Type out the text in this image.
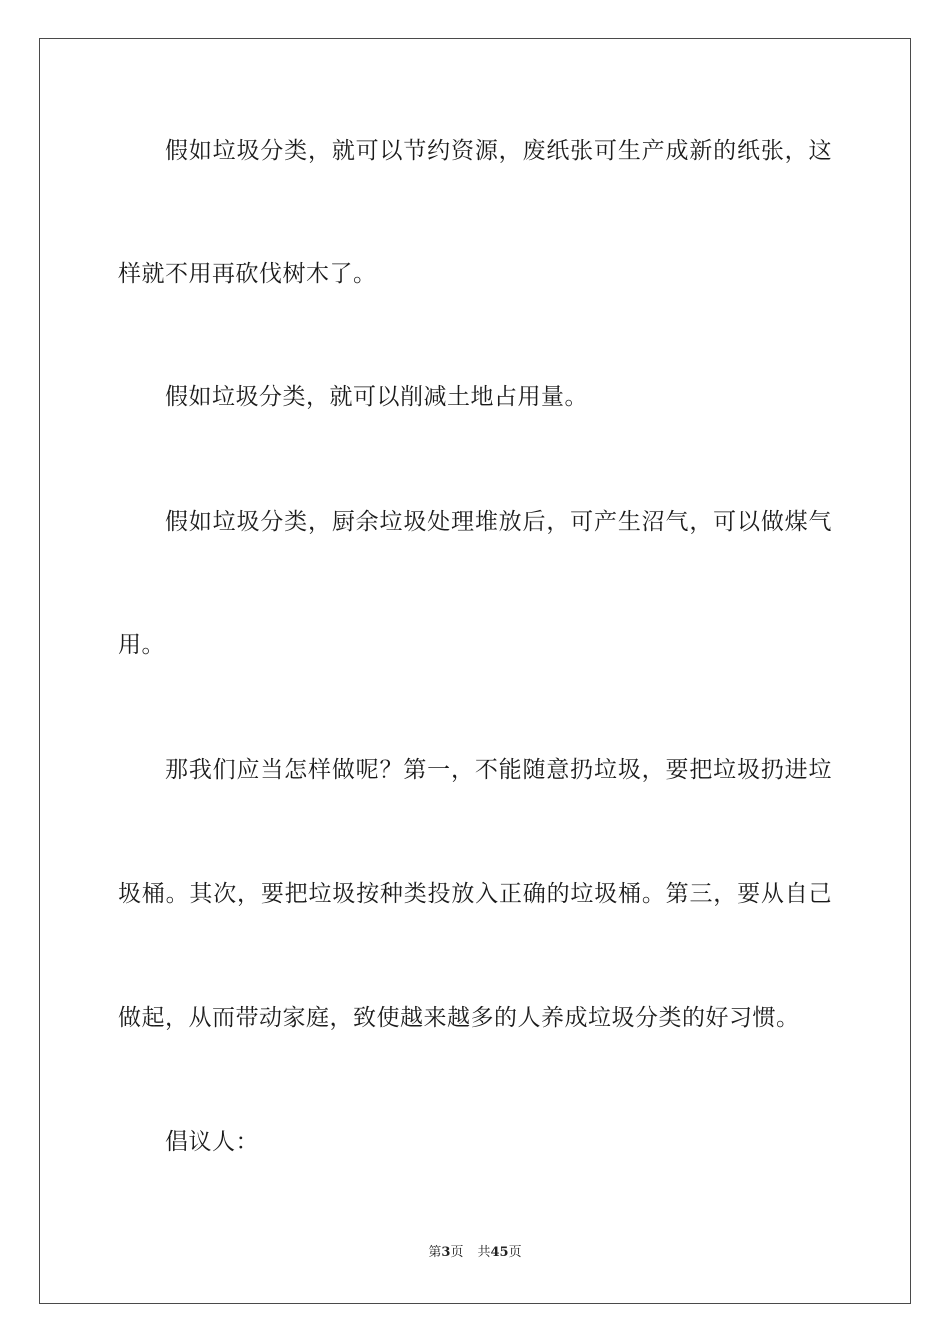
假如垃圾分类，就可以节约资源，废纸张可生产成新的纸张，这
样就不用再砍伐树木了。
假如垃圾分类，就可以削减土地占用量。
假如垃圾分类，厨余垃圾处理堆放后，可产生沼气，可以做煤气
用。
那我们应当怎样做呢？第一，不能随意扔垃圾，要把垃圾扔进垃
圾桶。其次，要把垃圾按种类投放入正确的垃圾桶。第三，要从自己
做起，从而带动家庭，致使越来越多的人养成垃圾分类的好习惯。
倡议人：
第3页 共45页
